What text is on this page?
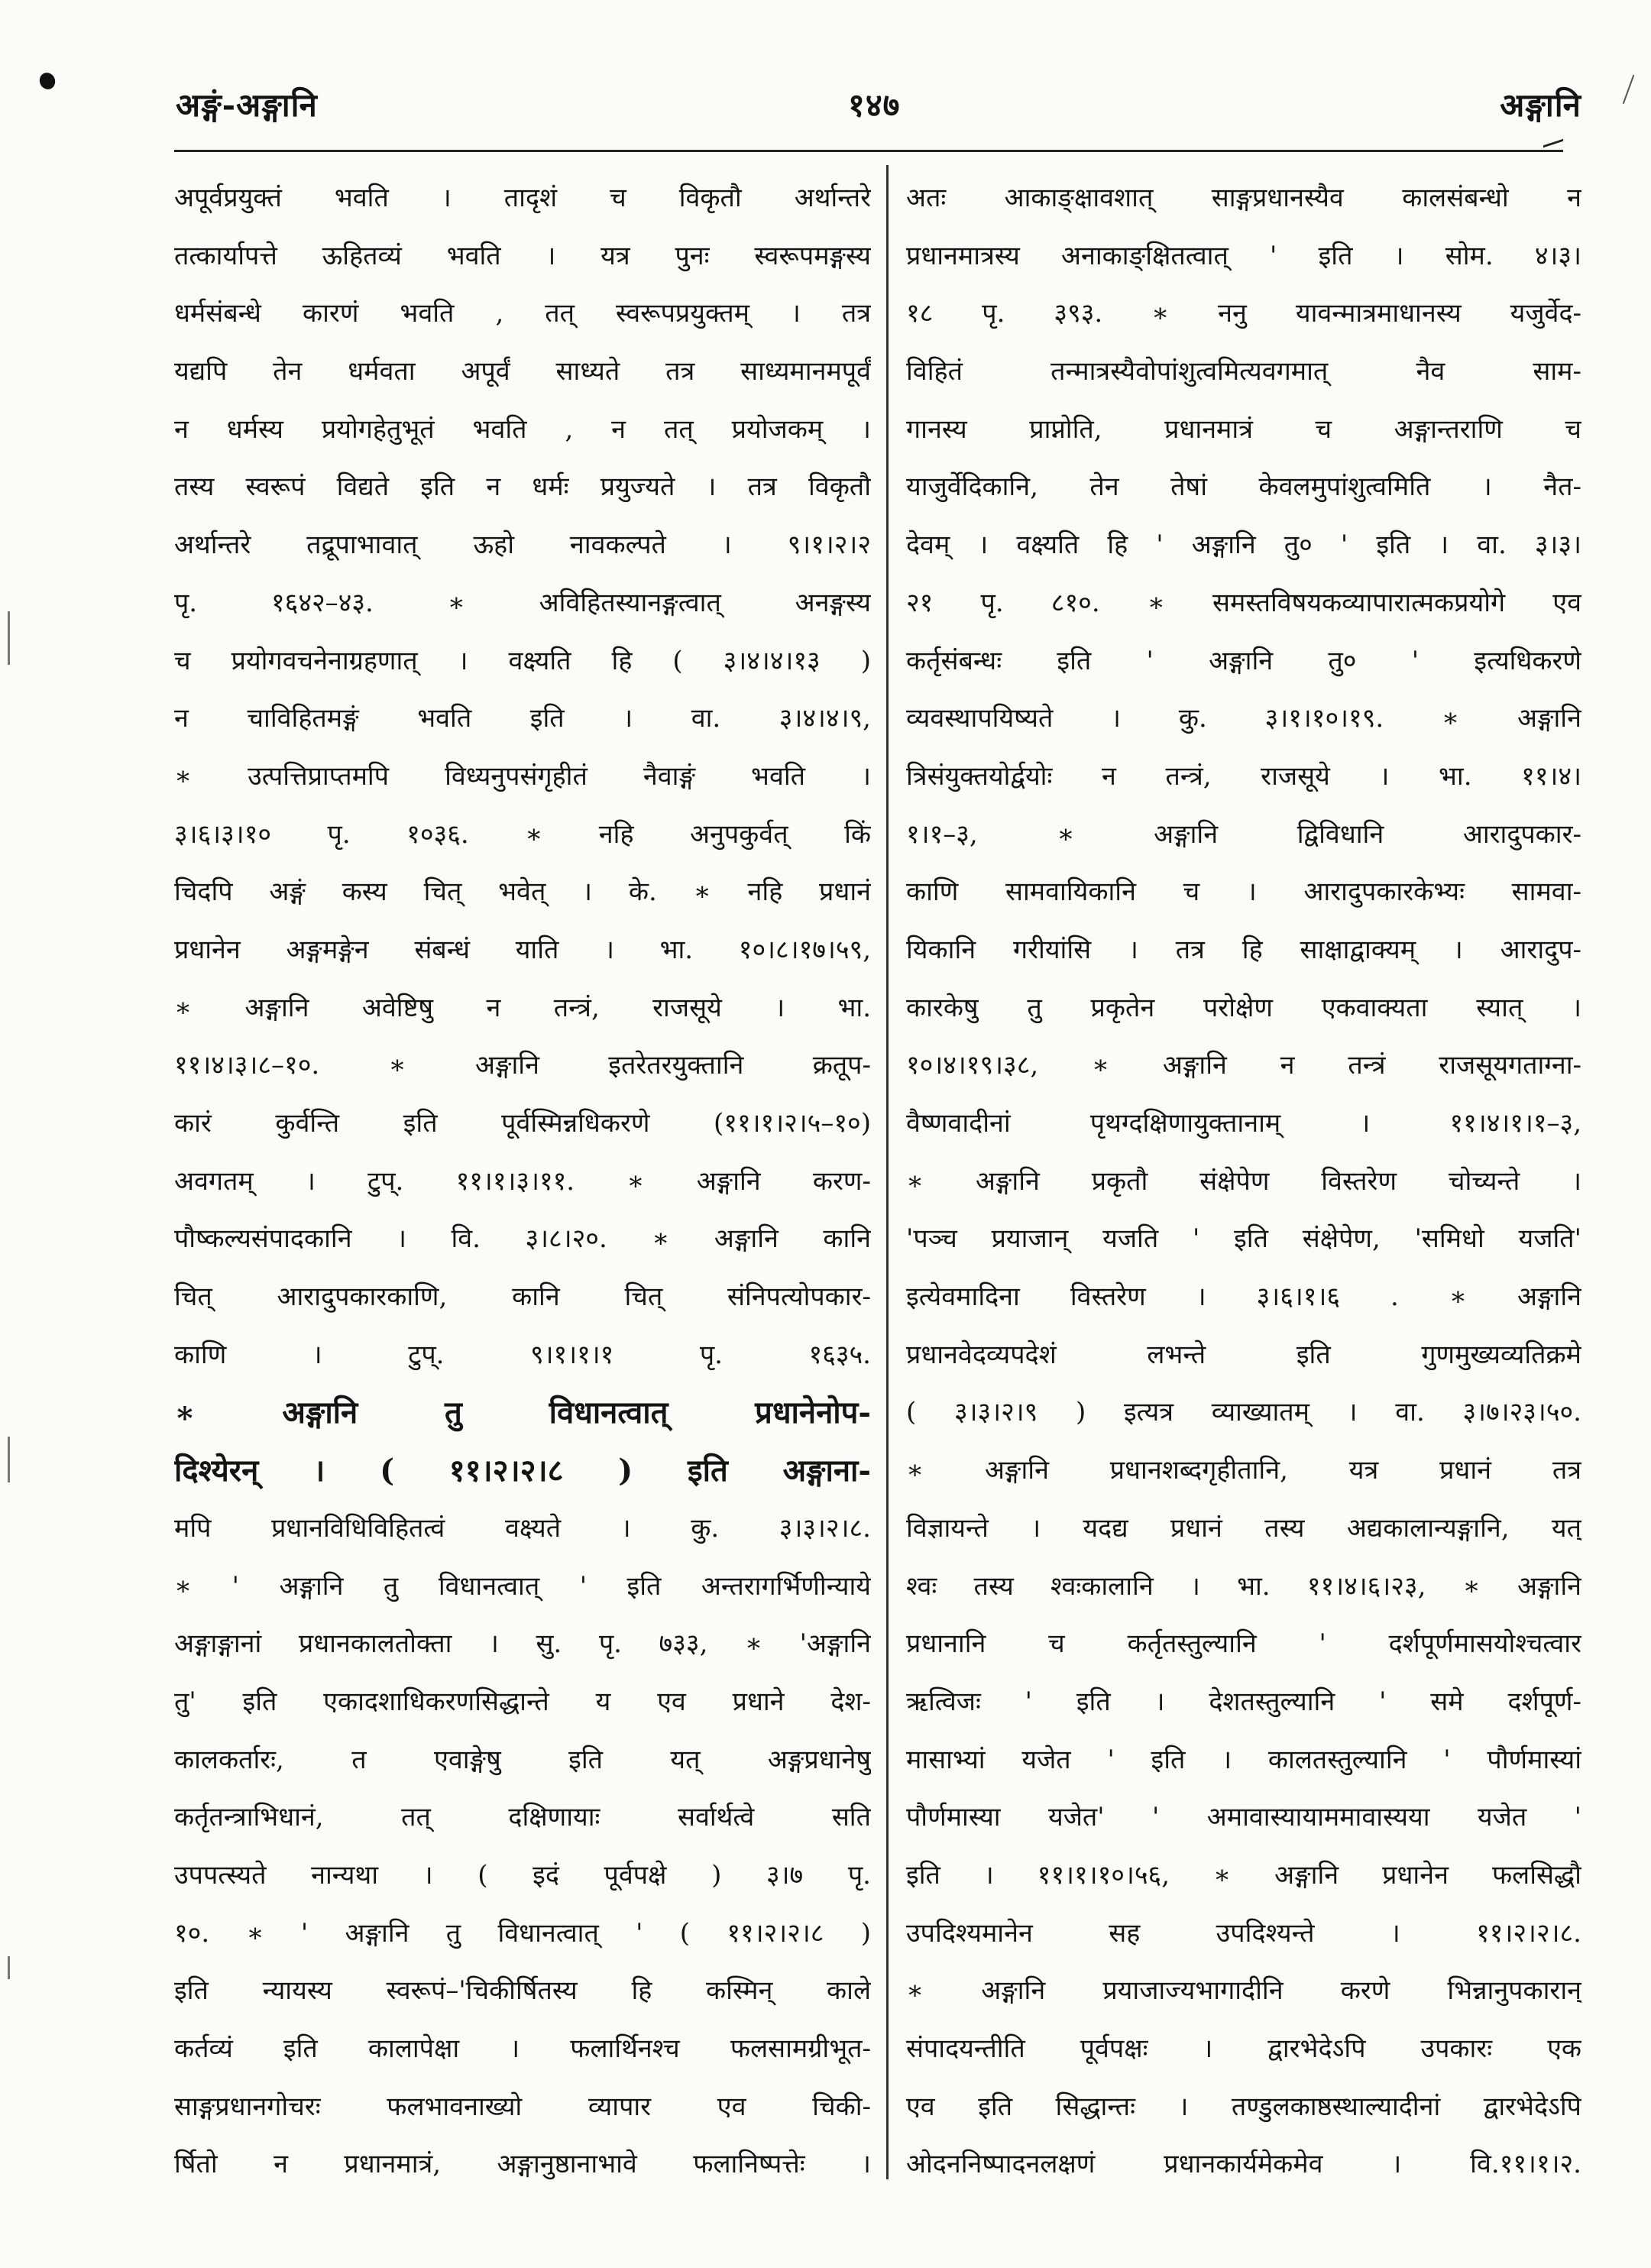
अङ्गं-अङ्गानि	१४७	अङ्गानि

अपूर्वप्रयुक्तं भवति । तादृशं च विकृतौ अर्थान्तरे

तत्कार्यापत्ते ऊहितव्यं भवति । यत्र पुनः स्वरूपमङ्गस्य

धर्मसंबन्धे कारणं भवति , तत् स्वरूपप्रयुक्तम् । तत्र

यद्यपि तेन धर्मवता अपूर्वं साध्यते तत्र साध्यमानमपूर्वं

न धर्मस्य प्रयोगहेतुभूतं भवति , न तत् प्रयोजकम् ।

तस्य स्वरूपं विद्यते इति न धर्मः प्रयुज्यते । तत्र विकृतौ

अर्थान्तरे तद्रूपाभावात् ऊहो नावकल्पते । ९।१।२।२

पृ. १६४२–४३. ∗ अविहितस्यानङ्गत्वात् अनङ्गस्य

च प्रयोगवचनेनाग्रहणात् । वक्ष्यति हि ( ३।४।४।१३ )

न चाविहितमङ्गं भवति इति । वा. ३।४।४।९,

∗ उत्पत्तिप्राप्तमपि विध्यनुपसंगृहीतं नैवाङ्गं भवति ।

३।६।३।१० पृ. १०३६. ∗ नहि अनुपकुर्वत् किं

चिदपि अङ्गं कस्य चित् भवेत् । के. ∗ नहि प्रधानं

प्रधानेन अङ्गमङ्गेन संबन्धं याति । भा. १०।८।१७।५९,

∗ अङ्गानि अवेष्टिषु न तन्त्रं, राजसूये । भा.

११।४।३।८–१०. ∗ अङ्गानि इतरेतरयुक्तानि क्रतूप-

कारं कुर्वन्ति इति पूर्वस्मिन्नधिकरणे (११।१।२।५–१०)

अवगतम् । टुप्. ११।१।३।११. ∗ अङ्गानि करण-

पौष्कल्यसंपादकानि । वि. ३।८।२०. ∗ अङ्गानि कानि

चित् आरादुपकारकाणि, कानि चित् संनिपत्योपकार-

काणि । टुप्. ९।१।१।१ पृ. १६३५.

∗ अङ्गानि तु विधानत्वात् प्रधानेनोप-

दिश्येरन् । ( ११।२।२।८ ) इति अङ्गाना-

मपि प्रधानविधिविहितत्वं वक्ष्यते । कु. ३।३।२।८.

∗ ' अङ्गानि तु विधानत्वात् ' इति अन्तरागर्भिणीन्याये

अङ्गाङ्गानां प्रधानकालतोक्ता । सु. पृ. ७३३, ∗ 'अङ्गानि

तु' इति एकादशाधिकरणसिद्धान्ते य एव प्रधाने देश-

कालकर्तारः, त एवाङ्गेषु इति यत् अङ्गप्रधानेषु

कर्तृतन्त्राभिधानं, तत् दक्षिणायाः सर्वार्थत्वे सति

उपपत्स्यते नान्यथा । ( इदं पूर्वपक्षे ) ३।७ पृ.

१०. ∗ ' अङ्गानि तु विधानत्वात् ' ( ११।२।२।८ )

इति न्यायस्य स्वरूपं–'चिकीर्षितस्य हि कस्मिन् काले

कर्तव्यं इति कालापेक्षा । फलार्थिनश्च फलसामग्रीभूत-

साङ्गप्रधानगोचरः फलभावनाख्यो व्यापार एव चिकी-

र्षितो न प्रधानमात्रं, अङ्गानुष्ठानाभावे फलानिष्पत्तेः ।

अतः आकाङ्क्षावशात् साङ्गप्रधानस्यैव कालसंबन्धो न

प्रधानमात्रस्य अनाकाङ्क्षितत्वात् ' इति । सोम. ४।३।

१८ पृ. ३९३. ∗ ननु यावन्मात्रमाधानस्य यजुर्वेद-

विहितं तन्मात्रस्यैवोपांशुत्वमित्यवगमात् नैव साम-

गानस्य प्राप्नोति, प्रधानमात्रं च अङ्गान्तराणि च

याजुर्वेदिकानि, तेन तेषां केवलमुपांशुत्वमिति । नैत-

देवम् । वक्ष्यति हि ' अङ्गानि तु० ' इति । वा. ३।३।

२१ पृ. ८१०. ∗ समस्तविषयकव्यापारात्मकप्रयोगे एव

कर्तृसंबन्धः इति ' अङ्गानि तु० ' इत्यधिकरणे

व्यवस्थापयिष्यते । कु. ३।१।१०।१९. ∗ अङ्गानि

त्रिसंयुक्तयोर्द्वयोः न तन्त्रं, राजसूये । भा. ११।४।

१।१–३, ∗ अङ्गानि द्विविधानि आरादुपकार-

काणि सामवायिकानि च । आरादुपकारकेभ्यः सामवा-

यिकानि गरीयांसि । तत्र हि साक्षाद्वाक्यम् । आरादुप-

कारकेषु तु प्रकृतेन परोक्षेण एकवाक्यता स्यात् ।

१०।४।१९।३८, ∗ अङ्गानि न तन्त्रं राजसूयगताग्ना-

वैष्णवादीनां पृथग्दक्षिणायुक्तानाम् । ११।४।१।१–३,

∗ अङ्गानि प्रकृतौ संक्षेपेण विस्तरेण चोच्यन्ते ।

'पञ्च प्रयाजान् यजति ' इति संक्षेपेण, 'समिधो यजति'

इत्येवमादिना विस्तरेण । ३।६।१।६ . ∗ अङ्गानि

प्रधानवेदव्यपदेशं लभन्ते इति गुणमुख्यव्यतिक्रमे

( ३।३।२।९ ) इत्यत्र व्याख्यातम् । वा. ३।७।२३।५०.

∗ अङ्गानि प्रधानशब्दगृहीतानि, यत्र प्रधानं तत्र

विज्ञायन्ते । यदद्य प्रधानं तस्य अद्यकालान्यङ्गानि, यत्

श्वः तस्य श्वःकालानि । भा. ११।४।६।२३, ∗ अङ्गानि

प्रधानानि च कर्तृतस्तुल्यानि ' दर्शपूर्णमासयोश्चत्वार

ऋत्विजः ' इति । देशतस्तुल्यानि ' समे दर्शपूर्ण-

मासाभ्यां यजेत ' इति । कालतस्तुल्यानि ' पौर्णमास्यां

पौर्णमास्या यजेत' ' अमावास्यायाममावास्यया यजेत '

इति । ११।१।१०।५६, ∗ अङ्गानि प्रधानेन फलसिद्धौ

उपदिश्यमानेन सह उपदिश्यन्ते । ११।२।२।८.

∗ अङ्गानि प्रयाजाज्यभागादीनि करणे भिन्नानुपकारान्

संपादयन्तीति पूर्वपक्षः । द्वारभेदेऽपि उपकारः एक

एव इति सिद्धान्तः । तण्डुलकाष्ठस्थाल्यादीनां द्वारभेदेऽपि

ओदननिष्पादनलक्षणं प्रधानकार्यमेकमेव । वि.११।१।२.
